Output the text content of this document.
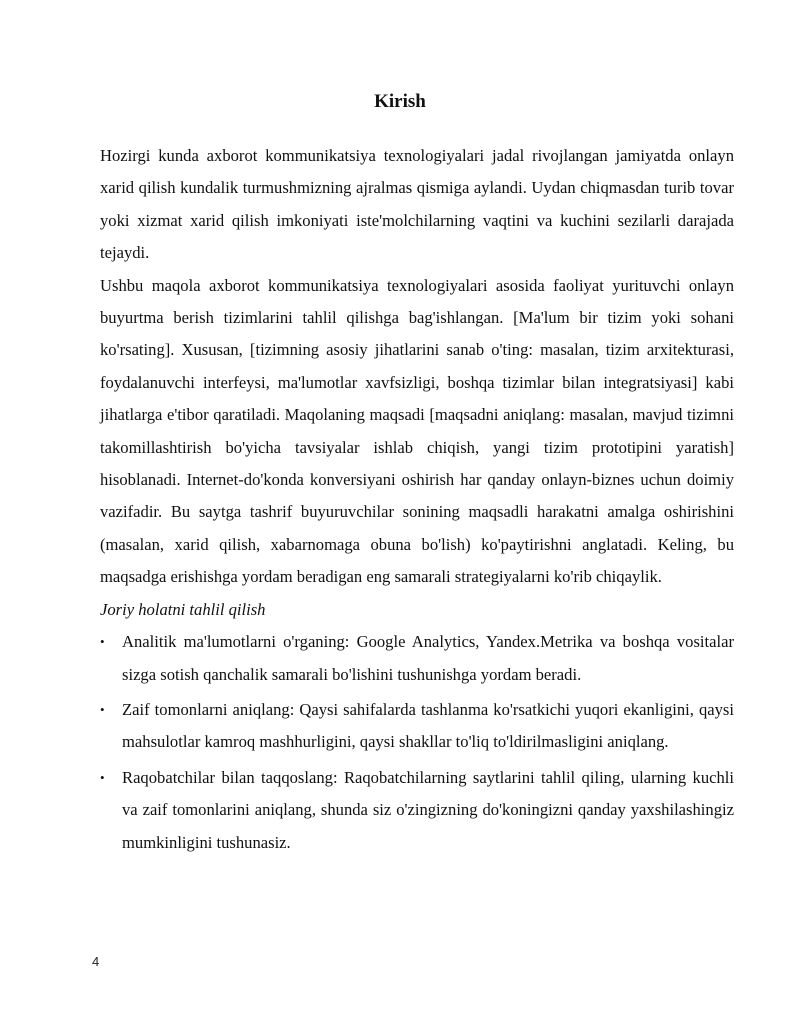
Kirish

Hozirgi kunda axborot kommunikatsiya texnologiyalari jadal rivojlangan jamiyatda onlayn xarid qilish kundalik turmushmizning ajralmas qismiga aylandi. Uydan chiqmasdan turib tovar yoki xizmat xarid qilish imkoniyati iste'molchilarning vaqtini va kuchini sezilarli darajada tejaydi.

Ushbu maqola axborot kommunikatsiya texnologiyalari asosida faoliyat yurituvchi onlayn buyurtma berish tizimlarini tahlil qilishga bag'ishlangan. [Ma'lum bir tizim yoki sohani ko'rsating]. Xususan, [tizimning asosiy jihatlarini sanab o'ting: masalan, tizim arxitekturasi, foydalanuvchi interfeysi, ma'lumotlar xavfsizligi, boshqa tizimlar bilan integratsiyasi] kabi jihatlarga e'tibor qaratiladi. Maqolaning maqsadi [maqsadni aniqlang: masalan, mavjud tizimni takomillashtirish bo'yicha tavsiyalar ishlab chiqish, yangi tizim prototipini yaratish] hisoblanadi. Internet-do'konda konversiyani oshirish har qanday onlayn-biznes uchun doimiy vazifadir. Bu saytga tashrif buyuruvchilar sonining maqsadli harakatni amalga oshirishini (masalan, xarid qilish, xabarnomaga obuna bo'lish) ko'paytirishni anglatadi. Keling, bu maqsadga erishishga yordam beradigan eng samarali strategiyalarni ko'rib chiqaylik.

Joriy holatni tahlil qilish

• Analitik ma'lumotlarni o'rganing: Google Analytics, Yandex.Metrika va boshqa vositalar sizga sotish qanchalik samarali bo'lishini tushunishga yordam beradi.
• Zaif tomonlarni aniqlang: Qaysi sahifalarda tashlanma ko'rsatkichi yuqori ekanligini, qaysi mahsulotlar kamroq mashhurligini, qaysi shakllar to'liq to'ldirilmasligini aniqlang.
• Raqobatchilar bilan taqqoslang: Raqobatchilarning saytlarini tahlil qiling, ularning kuchli va zaif tomonlarini aniqlang, shunda siz o'zingizning do'koningizni qanday yaxshilashingiz mumkinligini tushunasiz.
4
